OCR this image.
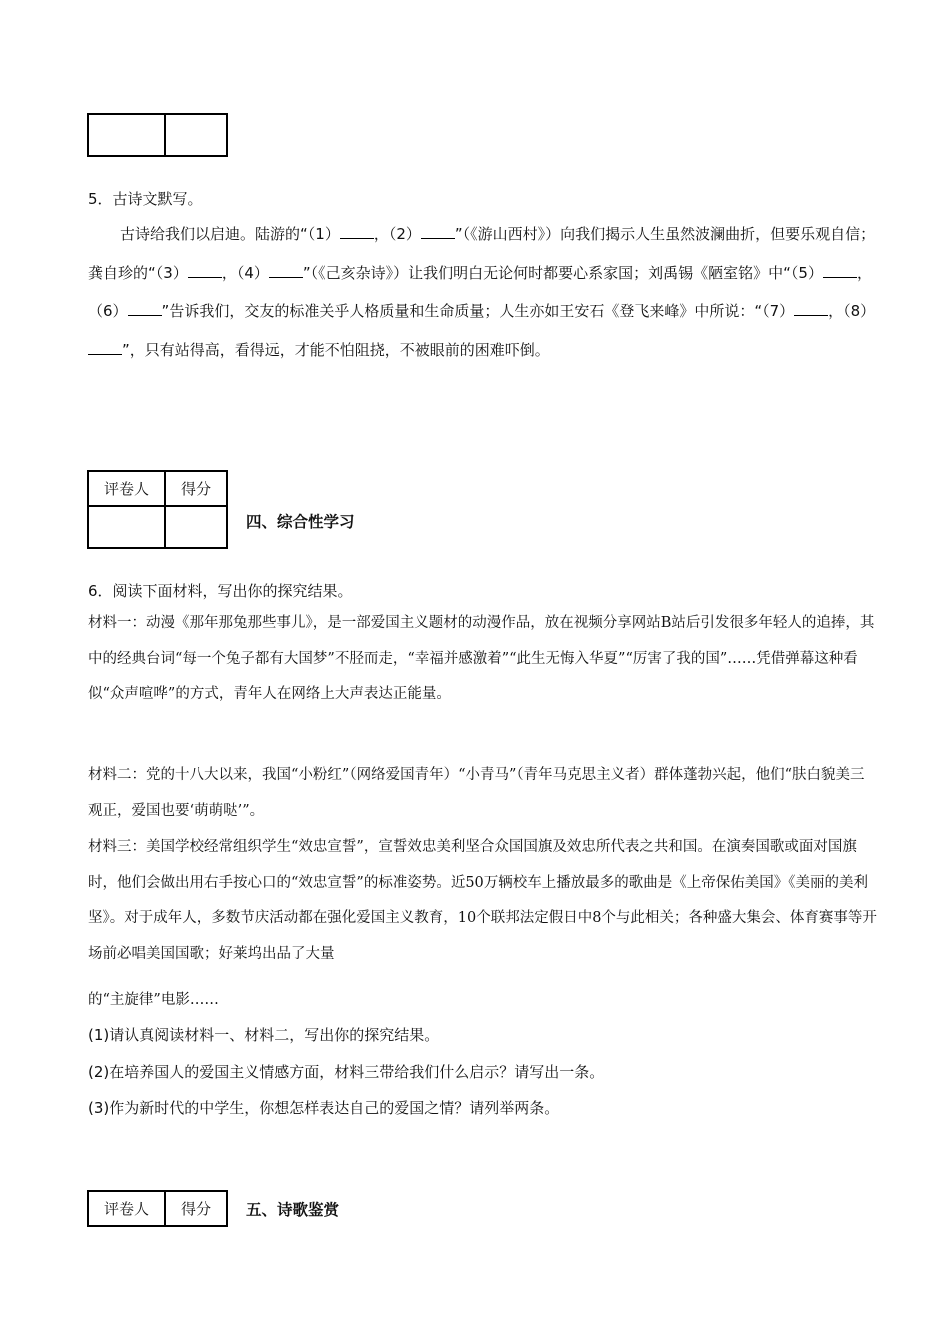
5．古诗文默写。

古诗给我们以启迪。陆游的“（1） ，（2） ”（《游山西村》）向我们揭示人生虽然波澜曲折，但要乐观自信；龚自珍的“（3） ，（4） ”（《己亥杂诗》）让我们明白无论何时都要心系家国；刘禹锡《陋室铭》中“（5） ，（6） ”告诉我们，交友的标准关乎人格质量和生命质量；人生亦如王安石《登飞来峰》中所说：“（7） ，（8）”，只有站得高，看得远，才能不怕阻挠，不被眼前的困难吓倒。

评卷人	得分

四、综合性学习
6．阅读下面材料，写出你的探究结果。

材料一：动漫《那年那兔那些事儿》，是一部爱国主义题材的动漫作品，放在视频分享网站B站后引发很多年轻人的追捧，其中的经典台词“每一个兔子都有大国梦”不胫而走，“幸福并感激着”“此生无悔入华夏”“厉害了我的国”……凭借弹幕这种看似“众声喧哗”的方式，青年人在网络上大声表达正能量。

材料二：党的十八大以来，我国“小粉红”（网络爱国青年）“小青马”（青年马克思主义者）群体蓬勃兴起，他们“肤白貌美三观正，爱国也要‘萌萌哒’”。

材料三：美国学校经常组织学生“效忠宣誓”，宣誓效忠美利坚合众国国旗及效忠所代表之共和国。在演奏国歌或面对国旗时，他们会做出用右手按心口的“效忠宣誓”的标准姿势。近50万辆校车上播放最多的歌曲是《上帝保佑美国》《美丽的美利坚》。对于成年人，多数节庆活动都在强化爱国主义教育，10个联邦法定假日中8个与此相关；各种盛大集会、体育赛事等开场前必唱美国国歌；好莱坞出品了大量

的“主旋律”电影……
(1)请认真阅读材料一、材料二，写出你的探究结果。
(2)在培养国人的爱国主义情感方面，材料三带给我们什么启示？请写出一条。
(3)作为新时代的中学生，你想怎样表达自己的爱国之情？请列举两条。
评卷人	得分 五、诗歌鉴赏
